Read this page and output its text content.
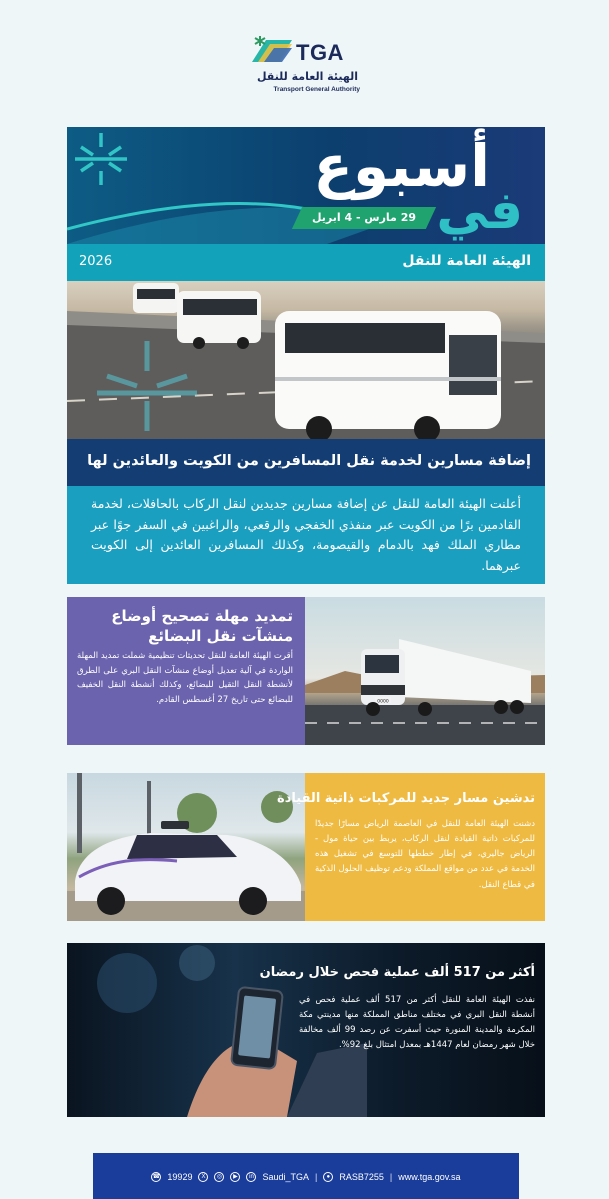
TGA
الهيئة العامة للنقل
Transport General Authority
أسبوع
في
29 مارس - 4 ابريل
الهيئة العامة للنقل
2026
إضافة مسارين لخدمة نقل المسافرين من الكويت والعائدين لها
أعلنت الهيئة العامة للنقل عن إضافة مسارين جديدين لنقل الركاب بالحافلات، لخدمة القادمين برًا من الكويت عبر منفذي الخفجي والرقعي، والراغبين في السفر جوًا عبر مطاري الملك فهد بالدمام والقيصومة، وكذلك المسافرين العائدين إلى الكويت عبرهما.
تمديد مهلة تصحيح أوضاع منشآت نقل البضائع
أقرت الهيئة العامة للنقل تحديثات تنظيمية شملت تمديد المهلة الواردة في آلية تعديل أوضاع منشآت النقل البري على الطرق لأنشطة النقل الثقيل للبضائع، وكذلك أنشطة النقل الخفيف للبضائع حتى تاريخ 27 أغسطس القادم.	0000
تدشين مسار جديد للمركبات ذاتية القيادة
دشنت الهيئة العامة للنقل في العاصمة الرياض مسارًا جديدًا للمركبات ذاتية القيادة لنقل الركاب، يربط بين حياة مول - الرياض جاليري، في إطار خططها للتوسع في تشغيل هذه الخدمة في عدد من مواقع المملكة ودعم توظيف الحلول الذكية في قطاع النقل.
أكثر من 517 ألف عملية فحص خلال رمضان
نفذت الهيئة العامة للنقل أكثر من 517 ألف عملية فحص في أنشطة النقل البري في مختلف مناطق المملكة منها مدينتي مكة المكرمة والمدينة المنورة حيث أسفرت عن رصد 99 ألف مخالفة خلال شهر رمضان لعام 1447هـ بمعدل امتثال بلغ 92%.
☎ 19929	X	◎	▶	in Saudi_TGA |	●	RASB7255 | www.tga.gov.sa
